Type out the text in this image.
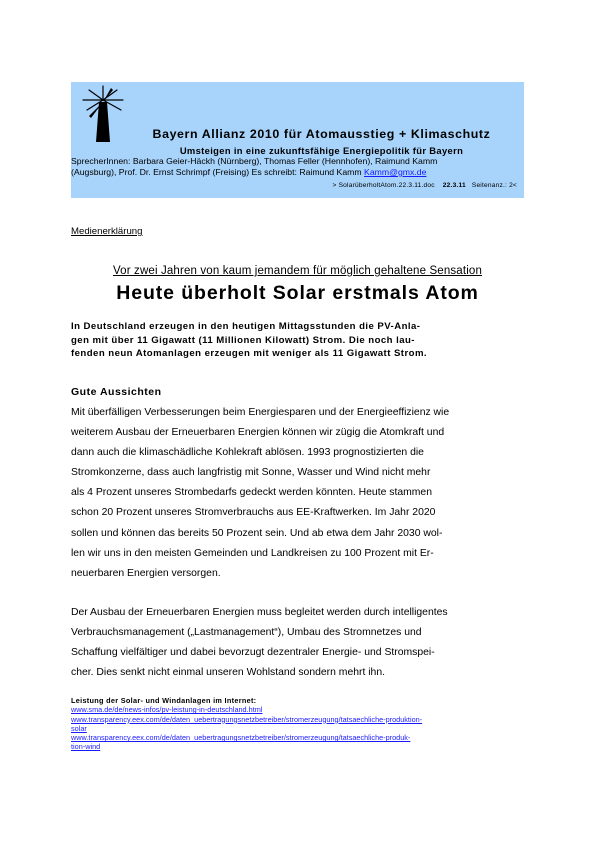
Bayern Allianz 2010 für Atomausstieg + Klimaschutz
Umsteigen in eine zukunftsfähige Energiepolitik für Bayern
SprecherInnen: Barbara Geier-Häckh (Nürnberg), Thomas Feller (Hennhofen), Raimund Kamm
(Augsburg), Prof. Dr. Ernst Schrimpf (Freising) Es schreibt: Raimund Kamm Kamm@gmx.de
> SolarüberholtAtom.22.3.11.doc 22.3.11 Seitenanz.: 2<
Medienerklärung
Vor zwei Jahren von kaum jemandem für möglich gehaltene Sensation
Heute überholt Solar erstmals Atom
In Deutschland erzeugen in den heutigen Mittagsstunden die PV-Anla-
gen mit über 11 Gigawatt (11 Millionen Kilowatt) Strom. Die noch lau-
fenden neun Atomanlagen erzeugen mit weniger als 11 Gigawatt Strom.
Gute Aussichten
Mit überfälligen Verbesserungen beim Energiesparen und der Energieeffizienz wie
weiterem Ausbau der Erneuerbaren Energien können wir zügig die Atomkraft und
dann auch die klimaschädliche Kohlekraft ablösen. 1993 prognostizierten die
Stromkonzerne, dass auch langfristig mit Sonne, Wasser und Wind nicht mehr
als 4 Prozent unseres Strombedarfs gedeckt werden könnten. Heute stammen
schon 20 Prozent unseres Stromverbrauchs aus EE-Kraftwerken. Im Jahr 2020
sollen und können das bereits 50 Prozent sein. Und ab etwa dem Jahr 2030 wol-
len wir uns in den meisten Gemeinden und Landkreisen zu 100 Prozent mit Er-
neuerbaren Energien versorgen.
Der Ausbau der Erneuerbaren Energien muss begleitet werden durch intelligentes
Verbrauchsmanagement („Lastmanagement“), Umbau des Stromnetzes und
Schaffung vielfältiger und dabei bevorzugt dezentraler Energie- und Stromspei-
cher. Dies senkt nicht einmal unseren Wohlstand sondern mehrt ihn.
Leistung der Solar- und Windanlagen im Internet:
www.sma.de/de/news-infos/pv-leistung-in-deutschland.html
www.transparency.eex.com/de/daten_uebertragungsnetzbetreiber/stromerzeugung/tatsaechliche-produktion-
solar
www.transparency.eex.com/de/daten_uebertragungsnetzbetreiber/stromerzeugung/tatsaechliche-produk-
tion-wind
